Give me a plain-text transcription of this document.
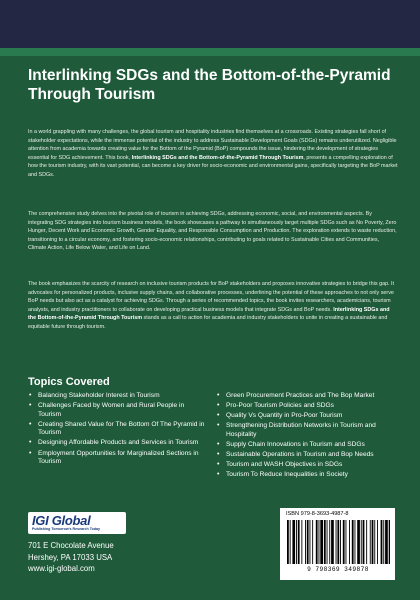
Interlinking SDGs and the Bottom-of-the-Pyramid Through Tourism

In a world grappling with many challenges, the global tourism and hospitality industries find themselves at a crossroads. Existing strategies fall short of stakeholder expectations, while the immense potential of the industry to address Sustainable Development Goals (SDGs) remains underutilized. Negligible attention from academia towards creating value for the Bottom of the Pyramid (BoP) compounds the issue, hindering the development of strategies essential for SDG achievement. This book, Interlinking SDGs and the Bottom-of-the-Pyramid Through Tourism, presents a compelling exploration of how the tourism industry, with its vast potential, can become a key driver for socio-economic and environmental gains, specifically targeting the BoP market and SDGs.

The comprehensive study delves into the pivotal role of tourism in achieving SDGs, addressing economic, social, and environmental aspects. By integrating SDG strategies into tourism business models, the book showcases a pathway to simultaneously target multiple SDGs such as No Poverty, Zero Hunger, Decent Work and Economic Growth, Gender Equality, and Responsible Consumption and Production. The exploration extends to waste reduction, transitioning to a circular economy, and fostering socio-economic relationships, contributing to goals related to Sustainable Cities and Communities, Climate Action, Life Below Water, and Life on Land.

The book emphasizes the scarcity of research on inclusive tourism products for BoP stakeholders and proposes innovative strategies to bridge this gap. It advocates for personalized products, inclusive supply chains, and collaborative processes, underlining the potential of these approaches to not only serve BoP needs but also act as a catalyst for achieving SDGs. Through a series of recommended topics, the book invites researchers, academicians, tourism analysts, and industry practitioners to collaborate on developing practical business models that integrate SDGs and BoP needs. Interlinking SDGs and the Bottom-of-the-Pyramid Through Tourism stands as a call to action for academia and industry stakeholders to unite in creating a sustainable and equitable future through tourism.

Topics Covered
• Balancing Stakeholder Interest in Tourism
• Challenges Faced by Women and Rural People in Tourism
• Creating Shared Value for The Bottom Of The Pyramid in Tourism
• Designing Affordable Products and Services in Tourism
• Employment Opportunities for Marginalized Sections in Tourism
• Green Procurement Practices and The Bop Market
• Pro-Poor Tourism Policies and SDGs
• Quality Vs Quantity in Pro-Poor Tourism
• Strengthening Distribution Networks in Tourism and Hospitality
• Supply Chain Innovations in Tourism and SDGs
• Sustainable Operations in Tourism and Bop Needs
• Tourism and WASH Objectives in SDGs
• Tourism To Reduce Inequalities in Society
IGI Global
Publishing Tomorrow's Research Today
701 E Chocolate Avenue
Hershey, PA 17033 USA
www.igi-global.com
ISBN 979-8-3693-4987-8
9 798369 349878
